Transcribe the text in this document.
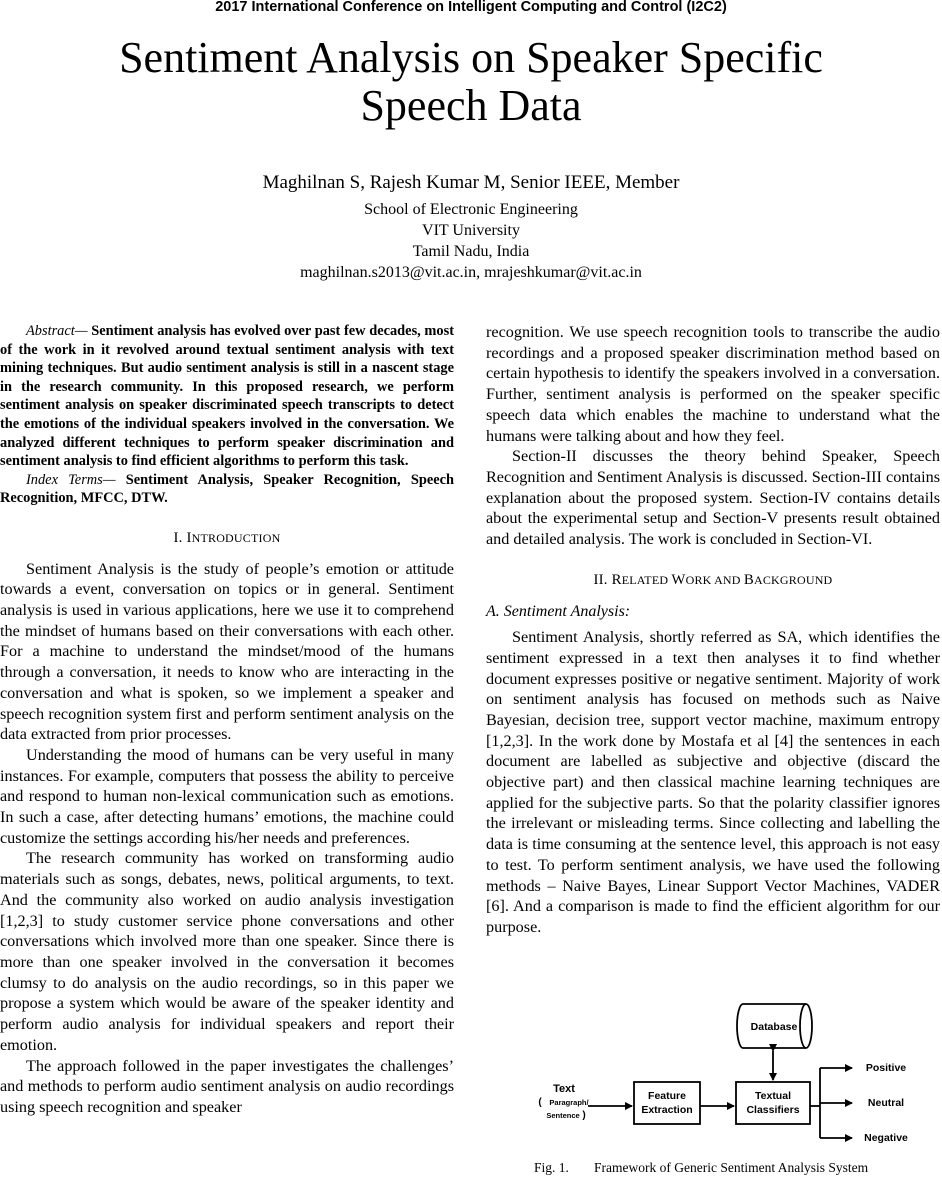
2017 International Conference on Intelligent Computing and Control (I2C2)
Sentiment Analysis on Speaker Specific
Speech Data
Maghilnan S, Rajesh Kumar M, Senior IEEE, Member
School of Electronic Engineering
VIT University
Tamil Nadu, India
maghilnan.s2013@vit.ac.in, mrajeshkumar@vit.ac.in

Abstract— Sentiment analysis has evolved over past few decades, most of the work in it revolved around textual sentiment analysis with text mining techniques. But audio sentiment analysis is still in a nascent stage in the research community. In this proposed research, we perform sentiment analysis on speaker discriminated speech transcripts to detect the emotions of the individual speakers involved in the conversation. We analyzed different techniques to perform speaker discrimination and sentiment analysis to find efficient algorithms to perform this task.

Index Terms— Sentiment Analysis, Speaker Recognition, Speech Recognition, MFCC, DTW.

I. INTRODUCTION

Sentiment Analysis is the study of people’s emotion or attitude towards a event, conversation on topics or in general. Sentiment analysis is used in various applications, here we use it to comprehend the mindset of humans based on their conversations with each other. For a machine to understand the mindset/mood of the humans through a conversation, it needs to know who are interacting in the conversation and what is spoken, so we implement a speaker and speech recognition system first and perform sentiment analysis on the data extracted from prior processes.

Understanding the mood of humans can be very useful in many instances. For example, computers that possess the ability to perceive and respond to human non-lexical communication such as emotions. In such a case, after detecting humans’ emotions, the machine could customize the settings according his/her needs and preferences.

The research community has worked on transforming audio materials such as songs, debates, news, political arguments, to text. And the community also worked on audio analysis investigation [1,2,3] to study customer service phone conversations and other conversations which involved more than one speaker. Since there is more than one speaker involved in the conversation it becomes clumsy to do analysis on the audio recordings, so in this paper we propose a system which would be aware of the speaker identity and perform audio analysis for individual speakers and report their emotion.

The approach followed in the paper investigates the challenges’ and methods to perform audio sentiment analysis on audio recordings using speech recognition and speaker

recognition. We use speech recognition tools to transcribe the audio recordings and a proposed speaker discrimination method based on certain hypothesis to identify the speakers involved in a conversation. Further, sentiment analysis is performed on the speaker specific speech data which enables the machine to understand what the humans were talking about and how they feel.

Section-II discusses the theory behind Speaker, Speech Recognition and Sentiment Analysis is discussed. Section-III contains explanation about the proposed system. Section-IV contains details about the experimental setup and Section-V presents result obtained and detailed analysis. The work is concluded in Section-VI.

II. RELATED WORK AND BACKGROUND
A. Sentiment Analysis:

Sentiment Analysis, shortly referred as SA, which identifies the sentiment expressed in a text then analyses it to find whether document expresses positive or negative sentiment. Majority of work on sentiment analysis has focused on methods such as Naive Bayesian, decision tree, support vector machine, maximum entropy [1,2,3]. In the work done by Mostafa et al [4] the sentences in each document are labelled as subjective and objective (discard the objective part) and then classical machine learning techniques are applied for the subjective parts. So that the polarity classifier ignores the irrelevant or misleading terms. Since collecting and labelling the data is time consuming at the sentence level, this approach is not easy to test. To perform sentiment analysis, we have used the following methods – Naive Bayes, Linear Support Vector Machines, VADER [6]. And a comparison is made to find the efficient algorithm for our purpose.

Database
Text
( Paragraph/
Sentence )
Feature
Extraction
Textual
Classifiers
Positive
Neutral
Negative
Fig. 1. Framework of Generic Sentiment Analysis System
